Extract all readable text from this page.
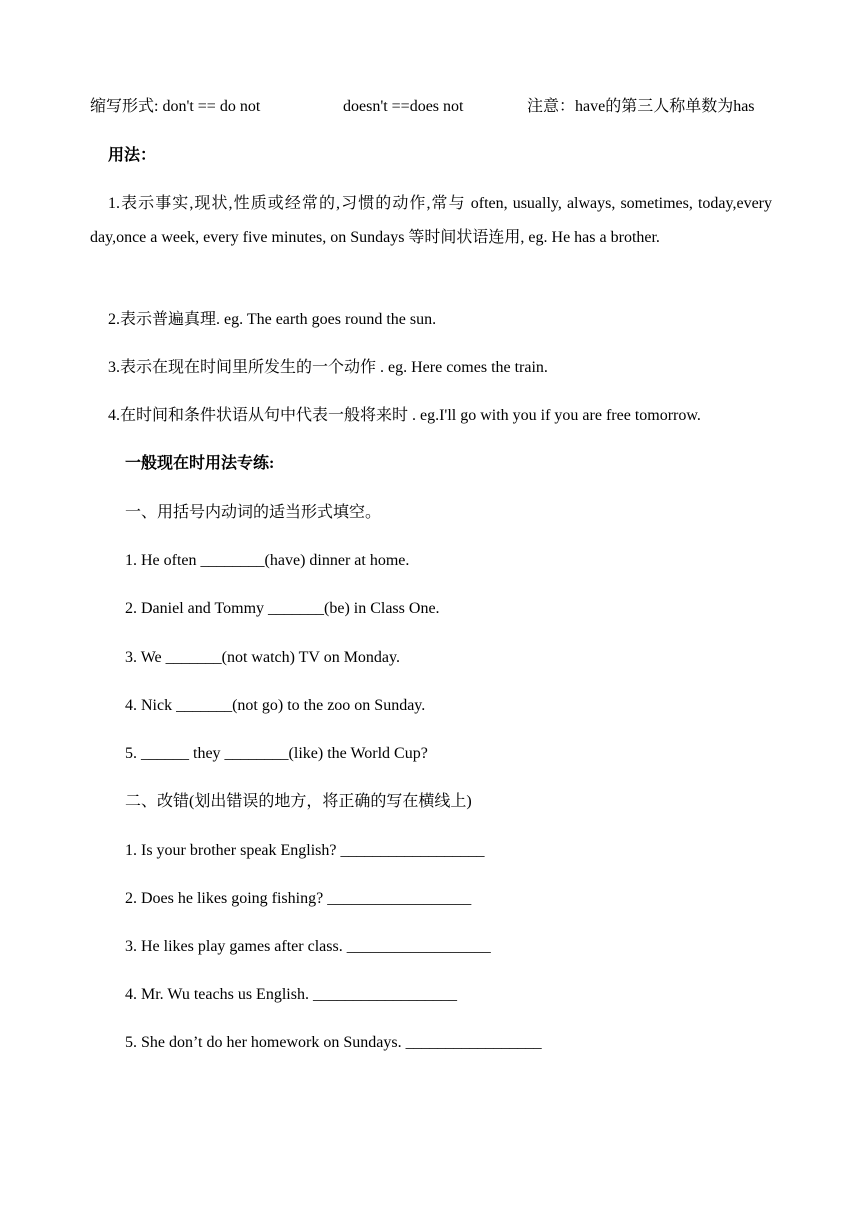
缩写形式: don't == do not	doesn't ==does not	注意：have的第三人称单数为has
用法：
1.表示事实,现状,性质或经常的,习惯的动作,常与 often, usually, always, sometimes, today,every day,once a week, every five minutes, on Sundays 等时间状语连用, eg. He has a brother.
2.表示普遍真理. eg. The earth goes round the sun.
3.表示在现在时间里所发生的一个动作 . eg. Here comes the train.
4.在时间和条件状语从句中代表一般将来时 . eg.I'll go with you if you are free tomorrow.
一般现在时用法专练:
一、用括号内动词的适当形式填空。
1. He often ________(have) dinner at home.
2. Daniel and Tommy _______(be) in Class One.
3. We _______(not watch) TV on Monday.
4. Nick _______(not go) to the zoo on Sunday.
5. ______ they ________(like) the World Cup?
二、改错(划出错误的地方，将正确的写在横线上)
1. Is your brother speak English? __________________
2. Does he likes going fishing? __________________
3. He likes play games after class. __________________
4. Mr. Wu teachs us English. __________________
5. She don’t do her homework on Sundays. _________________
